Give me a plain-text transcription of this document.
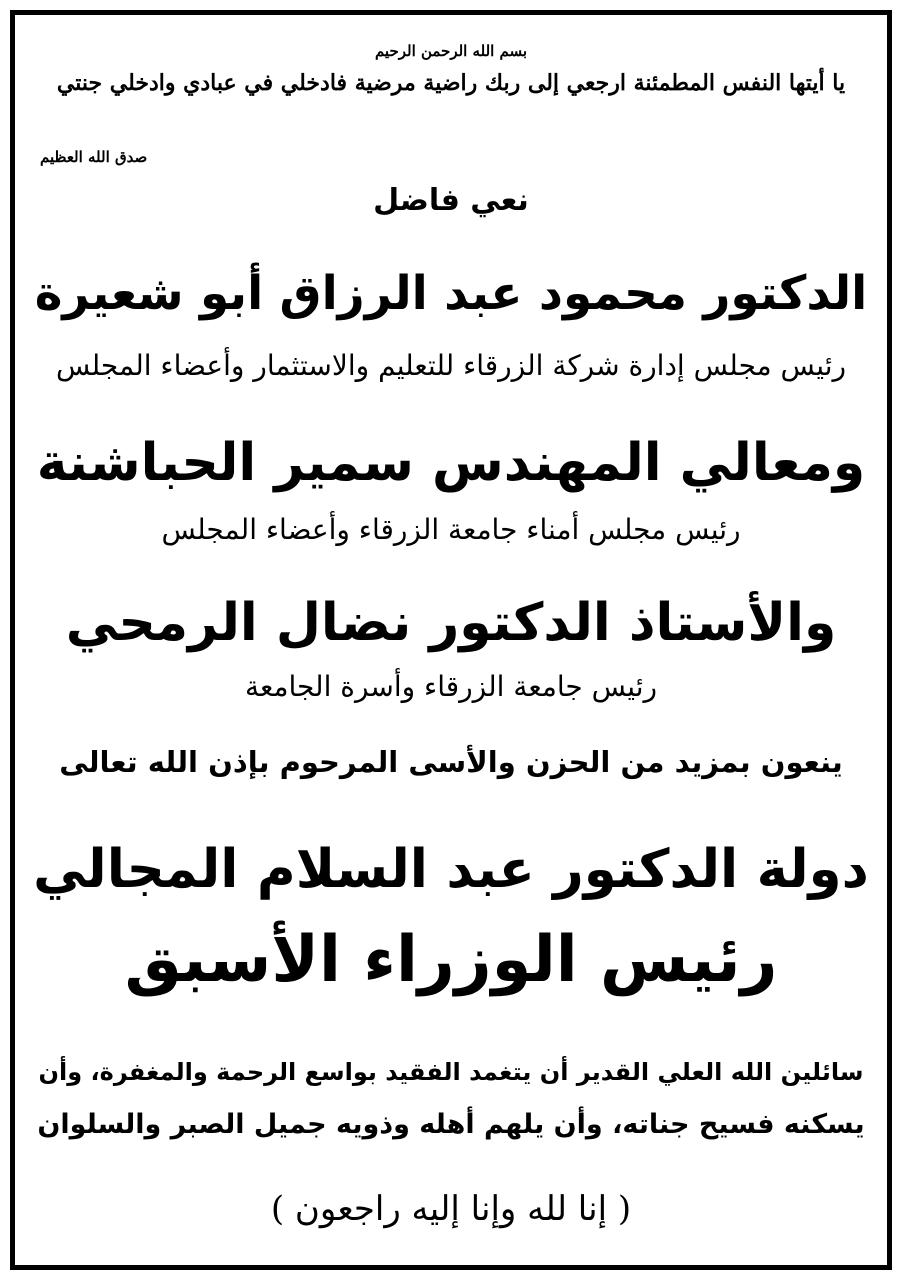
بسم الله الرحمن الرحيم
يا أيتها النفس المطمئنة ارجعي إلى ربك راضية مرضية فادخلي في عبادي وادخلي جنتي
صدق الله العظيم
نعي فاضل
الدكتور محمود عبد الرزاق أبو شعيرة
رئيس مجلس إدارة شركة الزرقاء للتعليم والاستثمار وأعضاء المجلس
ومعالي المهندس سمير الحباشنة
رئيس مجلس أمناء جامعة الزرقاء وأعضاء المجلس
والأستاذ الدكتور نضال الرمحي
رئيس جامعة الزرقاء وأسرة الجامعة
ينعون بمزيد من الحزن والأسى المرحوم بإذن الله تعالى
دولة الدكتور عبد السلام المجالي
رئيس الوزراء الأسبق
سائلين الله العلي القدير أن يتغمد الفقيد بواسع الرحمة والمغفرة، وأن
يسكنه فسيح جناته، وأن يلهم أهله وذويه جميل الصبر والسلوان
( إنا لله وإنا إليه راجعون )
